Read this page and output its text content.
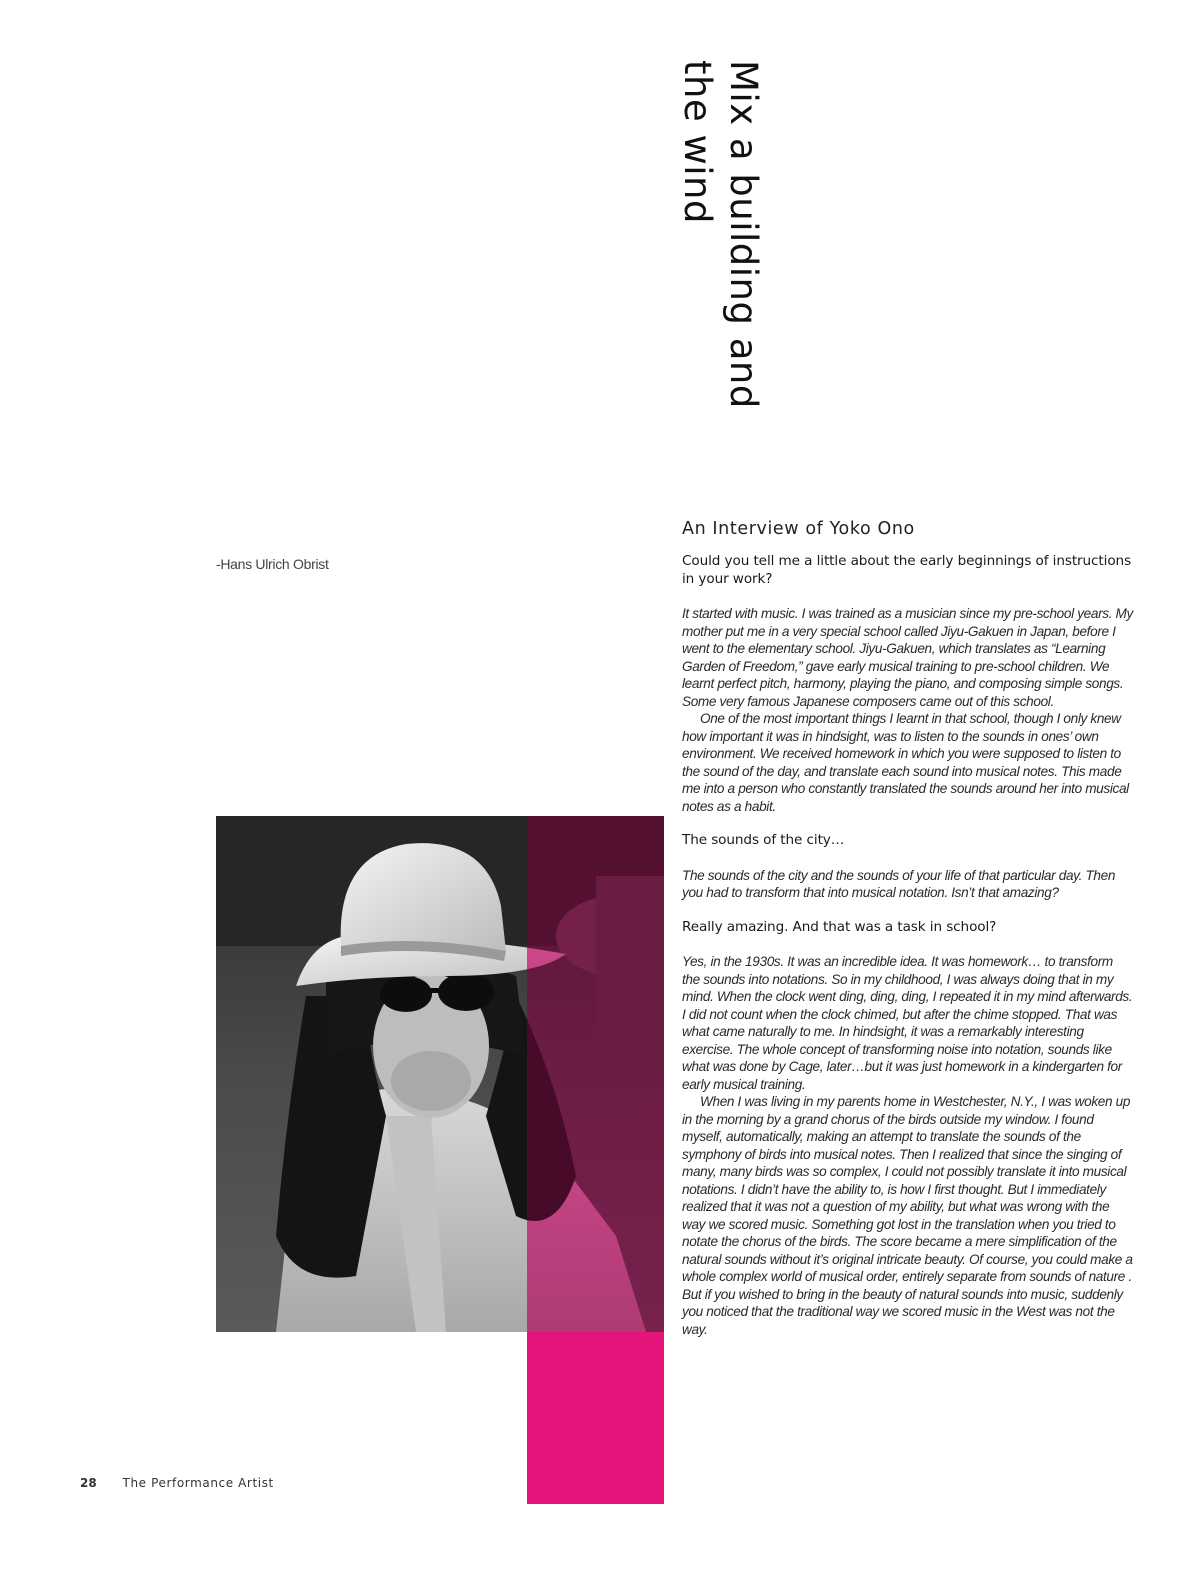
Mix a building and
the wind
-Hans Ulrich Obrist
An Interview of Yoko Ono
Could you tell me a little about the early beginnings of instructions in your work?

It started with music. I was trained as a musician since my pre-school years. My mother put me in a very special school called Jiyu-Gakuen in Japan, before I went to the elementary school. Jiyu-Gakuen, which translates as “Learning Garden of Freedom,” gave early musical training to pre-school children. We learnt perfect pitch, harmony, playing the piano, and composing simple songs. Some very famous Japanese composers came out of this school.

One of the most important things I learnt in that school, though I only knew how important it was in hindsight, was to listen to the sounds in ones’ own environment. We received homework in which you were supposed to listen to the sound of the day, and translate each sound into musical notes. This made me into a person who constantly translated the sounds around her into musical notes as a habit.

The sounds of the city…

The sounds of the city and the sounds of your life of that particular day. Then you had to transform that into musical notation. Isn’t that amazing?

Really amazing. And that was a task in school?

Yes, in the 1930s. It was an incredible idea. It was homework… to transform the sounds into notations. So in my childhood, I was always doing that in my mind. When the clock went ding, ding, ding, I repeated it in my mind afterwards. I did not count when the clock chimed, but after the chime stopped. That was what came naturally to me. In hindsight, it was a remarkably interesting exercise. The whole concept of transforming noise into notation, sounds like what was done by Cage, later…but it was just homework in a kindergarten for early musical training.

When I was living in my parents home in Westchester, N.Y., I was woken up in the morning by a grand chorus of the birds outside my window. I found myself, automatically, making an attempt to translate the sounds of the symphony of birds into musical notes. Then I realized that since the singing of many, many birds was so complex, I could not possibly translate it into musical notations. I didn’t have the ability to, is how I first thought. But I immediately realized that it was not a question of my ability, but what was wrong with the way we scored music. Something got lost in the translation when you tried to notate the chorus of the birds. The score became a mere simplification of the natural sounds without it’s original intricate beauty. Of course, you could make a whole complex world of musical order, entirely separate from sounds of nature . But if you wished to bring in the beauty of natural sounds into music, suddenly you noticed that the traditional way we scored music in the West was not the way.

28 The Performance Artist
